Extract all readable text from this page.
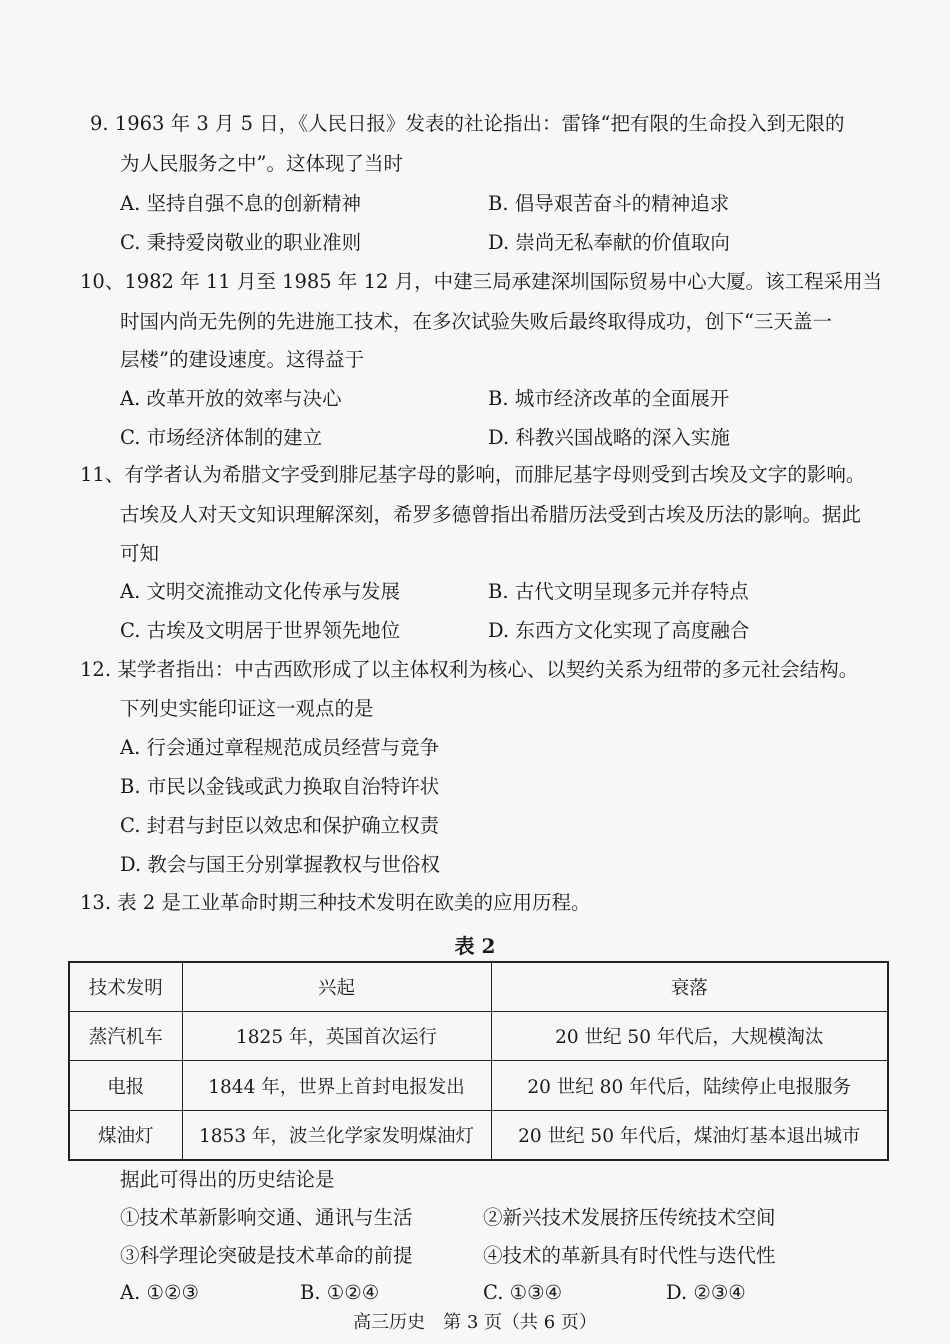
9. 1963 年 3 月 5 日，《人民日报》发表的社论指出：雷锋“把有限的生命投入到无限的
为人民服务之中”。这体现了当时
A. 坚持自强不息的创新精神	B. 倡导艰苦奋斗的精神追求
C. 秉持爱岗敬业的职业准则	D. 崇尚无私奉献的价值取向
10、1982 年 11 月至 1985 年 12 月，中建三局承建深圳国际贸易中心大厦。该工程采用当
时国内尚无先例的先进施工技术，在多次试验失败后最终取得成功，创下“三天盖一
层楼”的建设速度。这得益于
A. 改革开放的效率与决心	B. 城市经济改革的全面展开
C. 市场经济体制的建立	D. 科教兴国战略的深入实施
11、有学者认为希腊文字受到腓尼基字母的影响，而腓尼基字母则受到古埃及文字的影响。
古埃及人对天文知识理解深刻，希罗多德曾指出希腊历法受到古埃及历法的影响。据此
可知
A. 文明交流推动文化传承与发展	B. 古代文明呈现多元并存特点
C. 古埃及文明居于世界领先地位	D. 东西方文化实现了高度融合
12. 某学者指出：中古西欧形成了以主体权利为核心、以契约关系为纽带的多元社会结构。
下列史实能印证这一观点的是
A. 行会通过章程规范成员经营与竞争
B. 市民以金钱或武力换取自治特许状
C. 封君与封臣以效忠和保护确立权责
D. 教会与国王分别掌握教权与世俗权
13. 表 2 是工业革命时期三种技术发明在欧美的应用历程。
表 2
技术发明	兴起	衰落
蒸汽机车	1825 年，英国首次运行	20 世纪 50 年代后，大规模淘汰
电报	1844 年，世界上首封电报发出	20 世纪 80 年代后，陆续停止电报服务
煤油灯	1853 年，波兰化学家发明煤油灯	20 世纪 50 年代后，煤油灯基本退出城市
据此可得出的历史结论是
①技术革新影响交通、通讯与生活	②新兴技术发展挤压传统技术空间
③科学理论突破是技术革命的前提	④技术的革新具有时代性与迭代性
A. ①②③	B. ①②④	C. ①③④	D. ②③④
高三历史　第 3 页（共 6 页）
